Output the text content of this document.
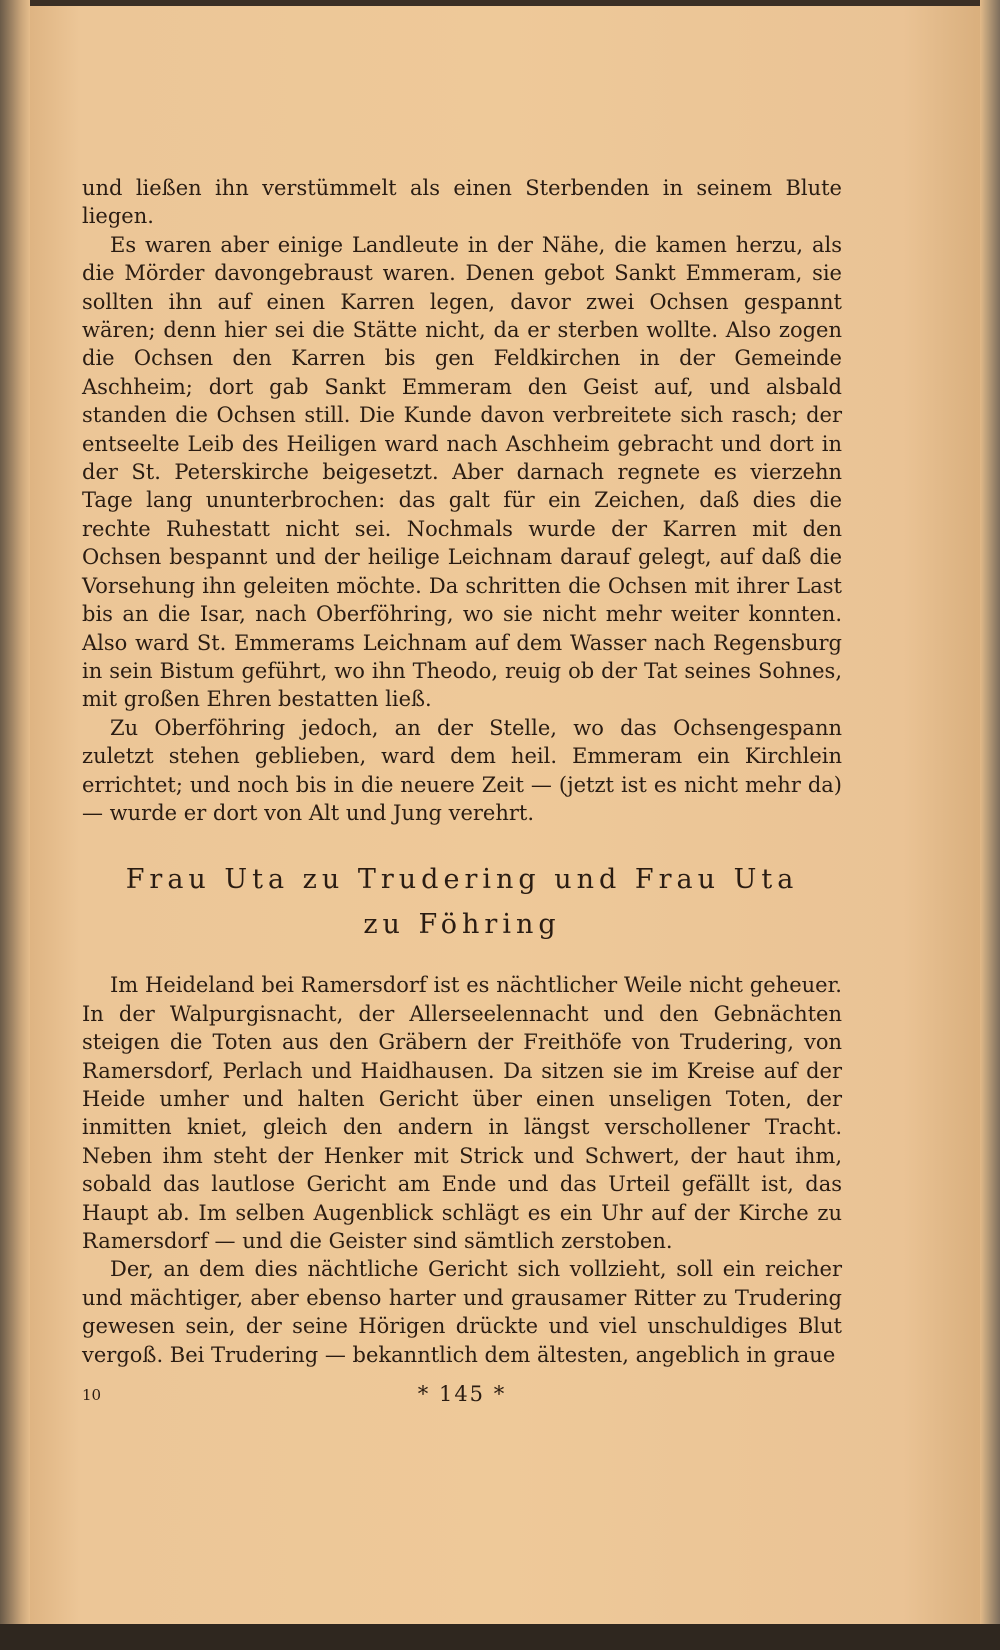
und ließen ihn verstümmelt als einen Sterbenden in seinem Blute liegen.

Es waren aber einige Landleute in der Nähe, die kamen herzu, als die Mörder davongebraust waren. Denen gebot Sankt Emmeram, sie sollten ihn auf einen Karren legen, davor zwei Ochsen gespannt wären; denn hier sei die Stätte nicht, da er sterben wollte. Also zogen die Ochsen den Karren bis gen Feldkirchen in der Gemeinde Aschheim; dort gab Sankt Emmeram den Geist auf, und alsbald standen die Ochsen still. Die Kunde davon verbreitete sich rasch; der entseelte Leib des Heiligen ward nach Aschheim gebracht und dort in der St. Peterskirche beigesetzt. Aber darnach regnete es vierzehn Tage lang ununterbrochen: das galt für ein Zeichen, daß dies die rechte Ruhestatt nicht sei. Nochmals wurde der Karren mit den Ochsen bespannt und der heilige Leichnam darauf gelegt, auf daß die Vorsehung ihn geleiten möchte. Da schritten die Ochsen mit ihrer Last bis an die Isar, nach Oberföhring, wo sie nicht mehr weiter konnten. Also ward St. Emmerams Leichnam auf dem Wasser nach Regensburg in sein Bistum geführt, wo ihn Theodo, reuig ob der Tat seines Sohnes, mit großen Ehren bestatten ließ.

Zu Oberföhring jedoch, an der Stelle, wo das Ochsengespann zuletzt stehen geblieben, ward dem heil. Emmeram ein Kirchlein errichtet; und noch bis in die neuere Zeit — (jetzt ist es nicht mehr da) — wurde er dort von Alt und Jung verehrt.

Frau Uta zu Trudering und Frau Uta
zu Föhring

Im Heideland bei Ramersdorf ist es nächtlicher Weile nicht geheuer. In der Walpurgisnacht, der Allerseelennacht und den Gebnächten steigen die Toten aus den Gräbern der Freithöfe von Trudering, von Ramersdorf, Perlach und Haidhausen. Da sitzen sie im Kreise auf der Heide umher und halten Gericht über einen unseligen Toten, der inmitten kniet, gleich den andern in längst verschollener Tracht. Neben ihm steht der Henker mit Strick und Schwert, der haut ihm, sobald das lautlose Gericht am Ende und das Urteil gefällt ist, das Haupt ab. Im selben Augenblick schlägt es ein Uhr auf der Kirche zu Ramersdorf — und die Geister sind sämtlich zerstoben.

Der, an dem dies nächtliche Gericht sich vollzieht, soll ein reicher und mächtiger, aber ebenso harter und grausamer Ritter zu Trudering gewesen sein, der seine Hörigen drückte und viel unschuldiges Blut vergoß. Bei Trudering — bekanntlich dem ältesten, angeblich in graue

10	* 145 *
